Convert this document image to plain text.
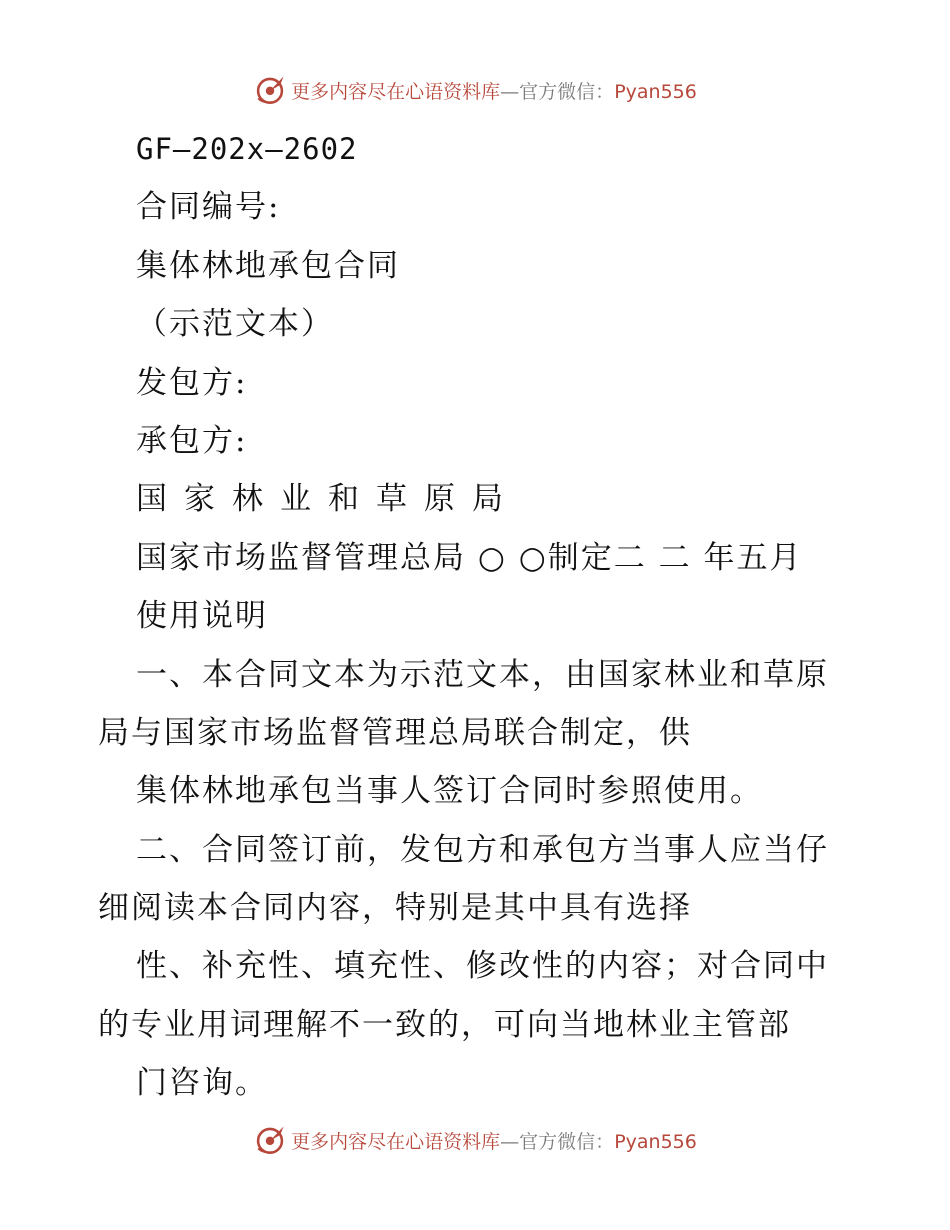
更多内容尽在心语资料库—官方微信：Pyan556
GF—202x—2602
合同编号:
集体林地承包合同
（示范文本）
发包方:
承包方:
国家林业和草原局
国家市场监督管理总局 ○ ○制定二 二 年五月
使用说明
一、本合同文本为示范文本，由国家林业和草原
局与国家市场监督管理总局联合制定，供
集体林地承包当事人签订合同时参照使用。
二、合同签订前，发包方和承包方当事人应当仔
细阅读本合同内容，特别是其中具有选择
性、补充性、填充性、修改性的内容；对合同中
的专业用词理解不一致的，可向当地林业主管部
门咨询。
更多内容尽在心语资料库—官方微信：Pyan556
